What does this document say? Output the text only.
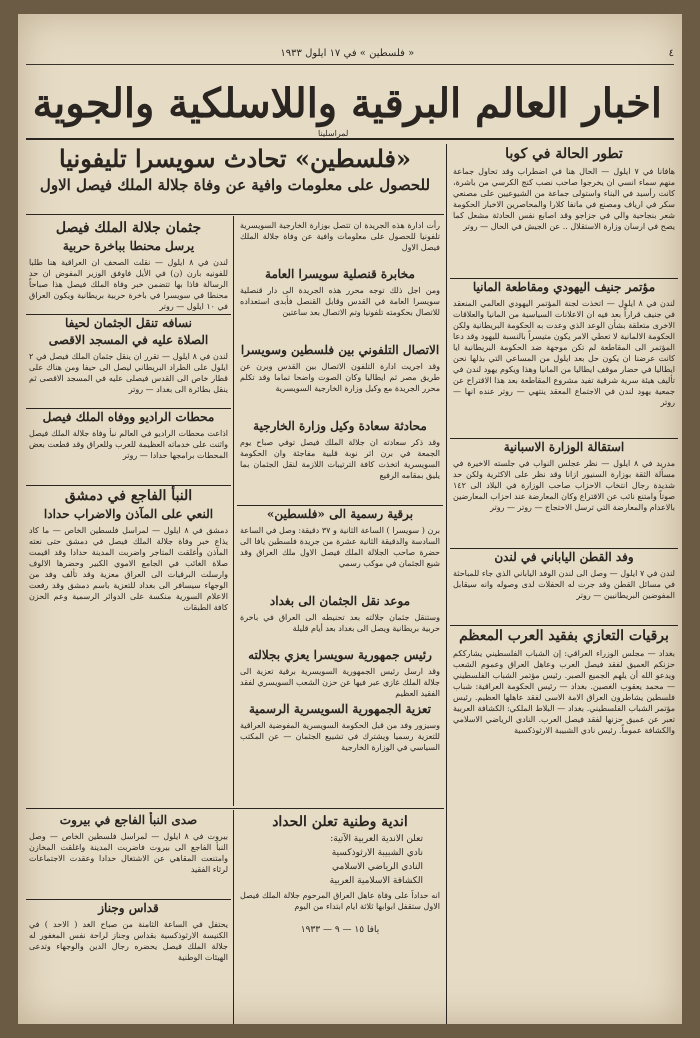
٤
« فلسطين » في ١٧ ايلول ١٩٣٣
اخبار العالم البرقية واللاسلكية والجوية
لمراسلينا
«فلسطين» تحادث سويسرا تليفونيا
للحصول على معلومات وافية عن وفاة جلالة الملك فيصل الاول
تطور الحالة في كوبا
هافانا في ٧ ايلول — الحال هنا في اضطراب وقد تحاول جماعة منهم سماء انسي ان يخرجوا صاحب نصب كنج الكرسي من باشرة، كانت رأسيد في البناء واستولى جماعة من الشيوعيين على مصنعي سكر في ارياف ومصنع في مانفا كلارا والمحاصرين الاخبار الحكومة شعر بنجاحية والي في جزاجو وقد اصابع نفس الحادثة مشعل كما يصح في ارسان وزارة الاستقلال .. عن الجيش في الحال — روتر
مؤتمر جنيف اليهودي ومقاطعة المانيا
لندن في ٨ ايلول — اتخذت لجنة المؤتمر اليهودي العالمي المنعقد في جنيف قراراً بعد فيه ان الاعلانات السياسية من المانيا والعلاقات الاخرى متعلقة بشأن الوعد الذي وعدت به الحكومة البريطانية ولكن الحكومة الالمانية لا تعطي الامر يكون متيسراً بالنسبة لليهود وقد دعا المؤتمر الى المقاطعة لم تكن موجهة ضد الحكومة البريطانية ايا كانت عرضنا ان يكون حل بعد ايلول من المساعي التي بذلها نحن ايطاليا في حضار موقف ايطاليا من المانيا وهذا ويكوم يهود لندن في تأليف هيئة سرية شرقية تفيد مشروع المقاطعة بعد هذا الاقتراح عن جمعية يهود لندن في الاجتماع المعقد ينتهي — روتر عنده انها — روتر
استقالة الوزارة الاسبانية
مدريد في ٨ ايلول — نظر عجلس النواب في جلسته الاخيرة في مسألة الثقة بوزارة السنيور ازانا وقد نظر على الاكثرية ولكن حد شديدة رجال انتخاب الاحزاب صاحب الوزارة في البلاد الى ١٤٢ صوتاً وامتنع نائب عن الاقتراع وكان المعارضة عند احزاب المعارضين بالاعدام والمعارضة التي ترسل الاحتجاج — روتر — روتر
وفد القطن الياباني في لندن
لندن في ٧ ايلول — وصل الى لندن الوفد الياباني الذي جاء للمباحثة في مسائل القطن وقد جرت له الحفلات لدى وصوله وانه سيقابل المفوضين البريطانيين — روتر
برقيات التعازي بفقيد العرب المعظم
بغداد — مجلس الوزراء العراقي: إن الشباب الفلسطيني يشارككم حزنكم العميق لفقد فيصل العرب وعاهل العراق وعموم الشعب ويدعو الله أن يلهم الجميع الصبر. رئيس مؤتمر الشباب الفلسطيني — محمد يعقوب الغصين. بغداد — رئيس الحكومة العراقية: شباب فلسطين يشاطرون العراق الامة الاسى لفقد عاهلها العظيم. رئيس مؤتمر الشباب الفلسطيني. بغداد — البلاط الملكي: الكشافة العربية تعبر عن عميق حزنها لفقد فيصل العرب. النادي الرياضي الاسلامي والكشافة عموماً. رئيس نادي الشبيبة الارثوذكسية
رأت ادارة هذه الجريدة ان تتصل بوزارة الخارجية السويسرية تلفونيا للحصول على معلومات وافية عن وفاة جلالة الملك فيصل الاول
مخابرة قنصلية سويسرا العامة
ومن اجل ذلك توجه محرر هذه الجريدة الى دار قنصلية سويسرا العامة في القدس وقابل القنصل فأبدى استعداده للاتصال بحكومته تلفونيا وتم الاتصال بعد ساعتين
الاتصال التلفوني بين فلسطين وسويسرا
وقد اجريت ادارة التلفون الاتصال بين القدس وبرن عن طريق مصر ثم ايطاليا وكان الصوت واضحا تماما وقد تكلم محرر الجريدة مع وكيل وزارة الخارجية السويسرية
محادثة سعادة وكيل وزارة الخارجية
وقد ذكر سعادته ان جلالة الملك فيصل توفي صباح يوم الجمعة في برن اثر نوبة قلبية مفاجئة وان الحكومة السويسرية اتخذت كافة الترتيبات اللازمة لنقل الجثمان بما يليق بمقامه الرفيع
برقية رسمية الى «فلسطين»
برن ( سويسرا ) الساعة الثانية و ٣٧ دقيقة: وصل في الساعة السادسة والدقيقة الثانية عشرة من جريدة فلسطين يافا الى حضرة صاحب الجلالة الملك فيصل الاول ملك العراق وقد شيع الجثمان في موكب رسمي
موعد نقل الجثمان الى بغداد
وستنقل جثمان جلالته بعد تحنيطه الى العراق في باخرة حربية بريطانية ويصل الى بغداد بعد أيام قليلة
رئيس جمهورية سويسرا يعزي بجلالته
وقد ارسل رئيس الجمهورية السويسرية برقية تعزية الى جلالة الملك غازي عبر فيها عن حزن الشعب السويسري لفقد الفقيد العظيم
تعزية الجمهورية السويسرية الرسمية
وسيزور وفد من قبل الحكومة السويسرية المفوضية العراقية للتعزية رسميا ويشترك في تشييع الجثمان — عن المكتب السياسي في الوزارة الخارجية
جثمان جلالة الملك فيصل
يرسل محنطا بباخرة حربية
لندن في ٨ ايلول — نقلت الصحف ان العراقية هنا طلبا للفونيه بارن (ن) في الأيل فاوفق الوزير المفوض ان حد الرسالة فاذا بها تتضمن خبر وفاة الملك فيصل هذا صباحاً محنطا في سويسرا في باخرة حربية بريطانية ويكون العراق في ١٠ ايلول — روتر
نسافه تنقل الجثمان لحيفا
الصلاة عليه في المسجد الاقصى
لندن في ٨ ايلول — تقرر ان ينقل جثمان الملك فيصل في ٢ ايلول على الطراد البريطاني ليصل الى حيفا ومن هناك على قطار خاص الى القدس فيصلى عليه في المسجد الاقصى ثم ينقل بطائرة الى بغداد — روتر
محطات الراديو ووفاه الملك فيصل
اذاعت محطات الراديو في العالم نبأ وفاة جلالة الملك فيصل واثنت على خدماته العظيمة للعرب وللعراق وقد قطعت بعض المحطات برامجها حدادا — روتر
النبأ الفاجع في دمشق
النعي على المآذن والاضراب حدادا
دمشق في ٨ ايلول — لمراسل فلسطين الخاص — ما كاد يذاع خبر وفاة جلالة الملك فيصل في دمشق حتى نعته المآذن وأغلقت المتاجر واضربت المدينة حدادا وقد اقيمت صلاة الغائب في الجامع الاموي الكبير وحضرها الالوف وارسلت البرقيات الى العراق معزية وقد تألف وفد من الوجهاء سيسافر الى بغداد للتعزية باسم دمشق وقد رفعت الاعلام السورية منكسة على الدوائر الرسمية وعم الحزن كافة الطبقات
اندية وطنية تعلن الحداد
تعلن الاندية العربية الآتية:
نادي الشبيبة الارثوذكسية
النادي الرياضي الاسلامي
الكشافة الاسلامية العربية
انه حداداً على وفاة عاهل العراق المرحوم جلالة الملك فيصل الاول ستقفل ابوابها ثلاثة ايام ابتداء من اليوم
يافا ١٥ — ٩ — ١٩٣٣
صدى النبأ الفاجع في بيروت
بيروت في ٨ ايلول — لمراسل فلسطين الخاص — وصل النبأ الفاجع الى بيروت فاضربت المدينة واغلقت المخازن وامتنعت المقاهي عن الاشتغال حدادا وعقدت الاجتماعات لرثاء الفقيد
قداس وجناز
يحتفل في الساعة الثامنة من صباح الغد ( الاحد ) في الكنيسة الارثوذكسية بقداس وجناز لراحة نفس المغفور له جلالة الملك فيصل يحضره رجال الدين والوجهاء وتدعى الهيئات الوطنية
